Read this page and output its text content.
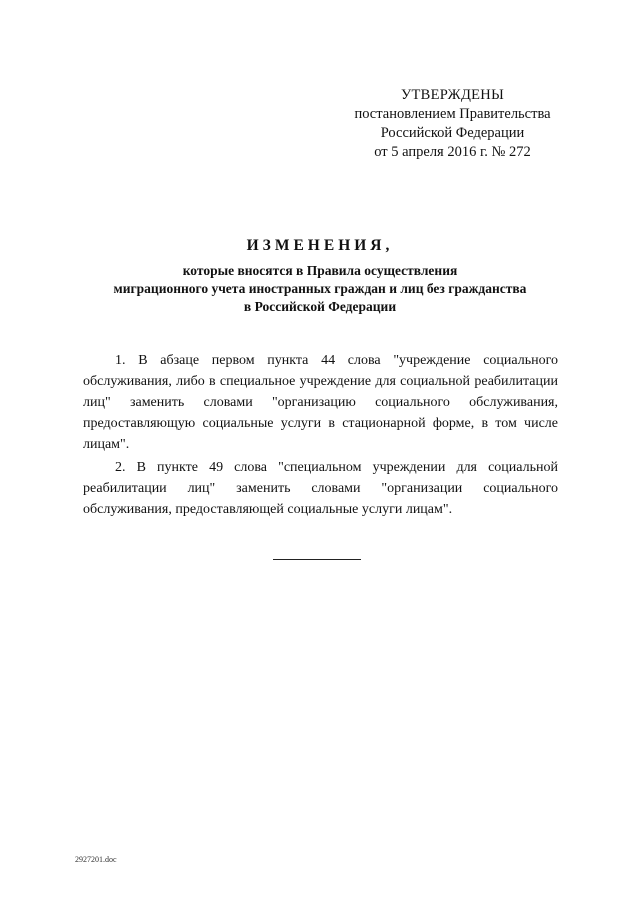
УТВЕРЖДЕНЫ
постановлением Правительства
Российской Федерации
от 5 апреля 2016 г. № 272
ИЗМЕНЕНИЯ,
которые вносятся в Правила осуществления
миграционного учета иностранных граждан и лиц без гражданства
в Российской Федерации

1. В абзаце первом пункта 44 слова "учреждение социального обслуживания, либо в специальное учреждение для социальной реабилитации лиц" заменить словами "организацию социального обслуживания, предоставляющую социальные услуги в стационарной форме, в том числе лицам".

2. В пункте 49 слова "специальном учреждении для социальной реабилитации лиц" заменить словами "организации социального обслуживания, предоставляющей социальные услуги лицам".

2927201.doc
